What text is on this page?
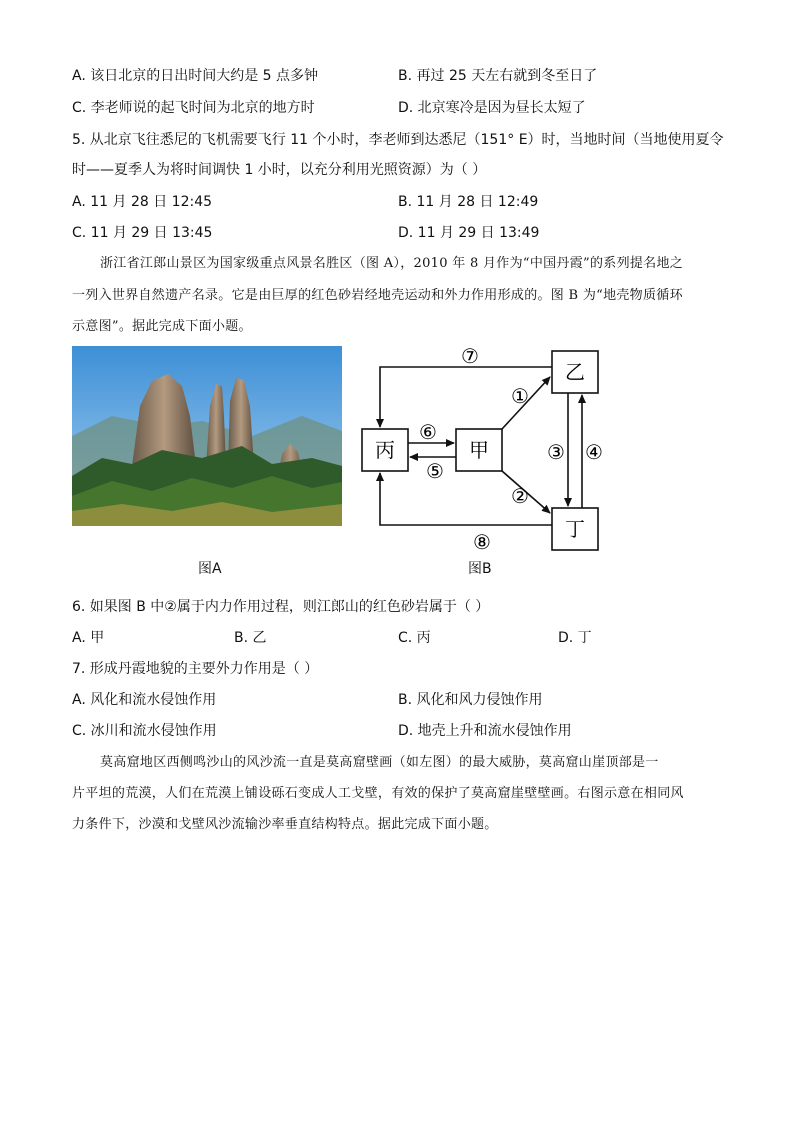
A. 该日北京的日出时间大约是 5 点多钟	B. 再过 25 天左右就到冬至日了
C. 李老师说的起飞时间为北京的地方时	D. 北京寒冷是因为昼长太短了
5. 从北京飞往悉尼的飞机需要飞行 11 个小时，李老师到达悉尼（151° E）时，当地时间（当地使用夏令
时——夏季人为将时间调快 1 小时，以充分利用光照资源）为（ ）
A. 11 月 28 日 12:45	B. 11 月 28 日 12:49
C. 11 月 29 日 13:45	D. 11 月 29 日 13:49
浙江省江郎山景区为国家级重点风景名胜区（图 A），2010 年 8 月作为“中国丹霞”的系列提名地之
一列入世界自然遗产名录。它是由巨厚的红色砂岩经地壳运动和外力作用形成的。图 B 为“地壳物质循环
示意图”。据此完成下面小题。
丙	甲
乙
丁
⑦
⑧
⑥
⑤
①
②
③ ④
图A	图B
6. 如果图 B 中②属于内力作用过程，则江郎山的红色砂岩属于（ ）
A. 甲	B. 乙	C. 丙	D. 丁
7. 形成丹霞地貌的主要外力作用是（ ）
A. 风化和流水侵蚀作用	B. 风化和风力侵蚀作用
C. 冰川和流水侵蚀作用	D. 地壳上升和流水侵蚀作用
莫高窟地区西侧鸣沙山的风沙流一直是莫高窟壁画（如左图）的最大威胁，莫高窟山崖顶部是一
片平坦的荒漠，人们在荒漠上铺设砾石变成人工戈壁，有效的保护了莫高窟崖壁壁画。右图示意在相同风
力条件下，沙漠和戈壁风沙流输沙率垂直结构特点。据此完成下面小题。
